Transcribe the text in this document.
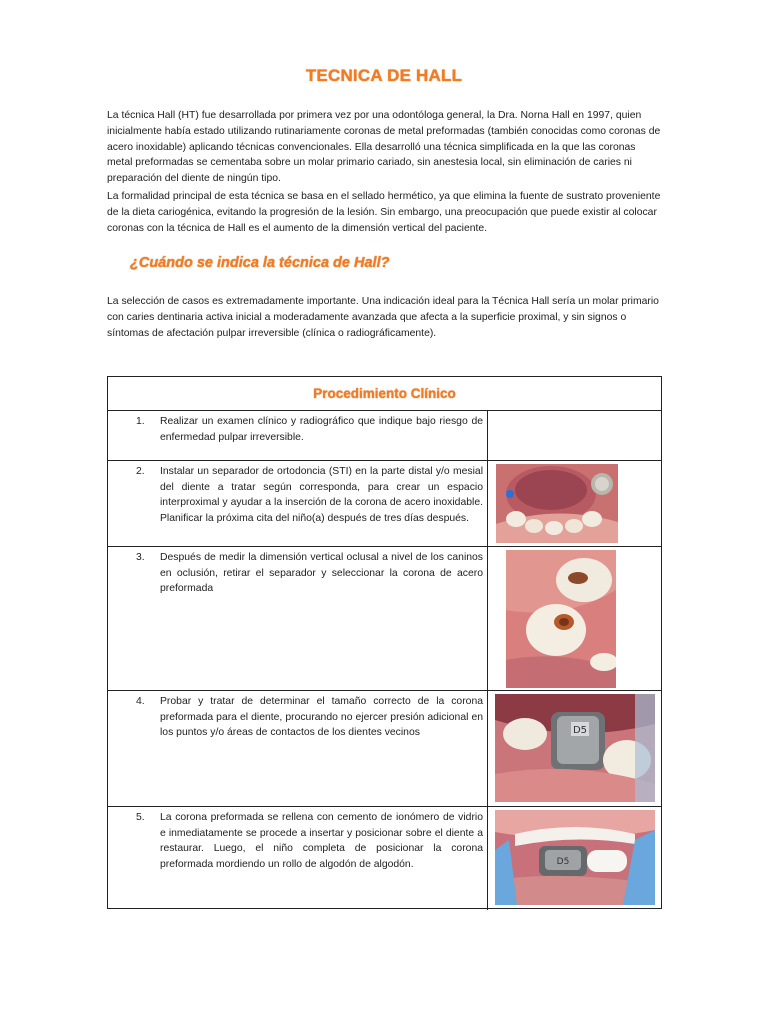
TECNICA DE HALL
La técnica Hall (HT) fue desarrollada por primera vez por una odontóloga general, la Dra. Norna Hall en 1997, quien inicialmente había estado utilizando rutinariamente coronas de metal preformadas (también conocidas como coronas de acero inoxidable) aplicando técnicas convencionales. Ella desarrolló una técnica simplificada en la que las coronas metal preformadas se cementaba sobre un molar primario cariado, sin anestesia local, sin eliminación de caries ni preparación del diente de ningún tipo.
La formalidad principal de esta técnica se basa en el sellado hermético, ya que elimina la fuente de sustrato proveniente de la dieta cariogénica, evitando la progresión de la lesión. Sin embargo, una preocupación que puede existir al colocar coronas con la técnica de Hall es el aumento de la dimensión vertical del paciente.
¿Cuándo se indica la técnica de Hall?
La selección de casos es extremadamente importante. Una indicación ideal para la Técnica Hall sería un molar primario con caries dentinaria activa inicial a moderadamente avanzada que afecta a la superficie proximal, y sin signos o síntomas de afectación pulpar irreversible (clínica o radiográficamente).
Procedimiento Clínico
1. Realizar un examen clínico y radiográfico que indique bajo riesgo de enfermedad pulpar irreversible.
2. Instalar un separador de ortodoncia (STI) en la parte distal y/o mesial del diente a tratar según corresponda, para crear un espacio interproximal y ayudar a la inserción de la corona de acero inoxidable. Planificar la próxima cita del niño(a) después de tres días después.
3. Después de medir la dimensión vertical oclusal a nivel de los caninos en oclusión, retirar el separador y seleccionar la corona de acero preformada
4. Probar y tratar de determinar el tamaño correcto de la corona preformada para el diente, procurando no ejercer presión adicional en los puntos y/o áreas de contactos de los dientes vecinos	D5
5. La corona preformada se rellena con cemento de ionómero de vidrio e inmediatamente se procede a insertar y posicionar sobre el diente a restaurar. Luego, el niño completa de posicionar la corona preformada mordiendo un rollo de algodón de algodón.	D5
